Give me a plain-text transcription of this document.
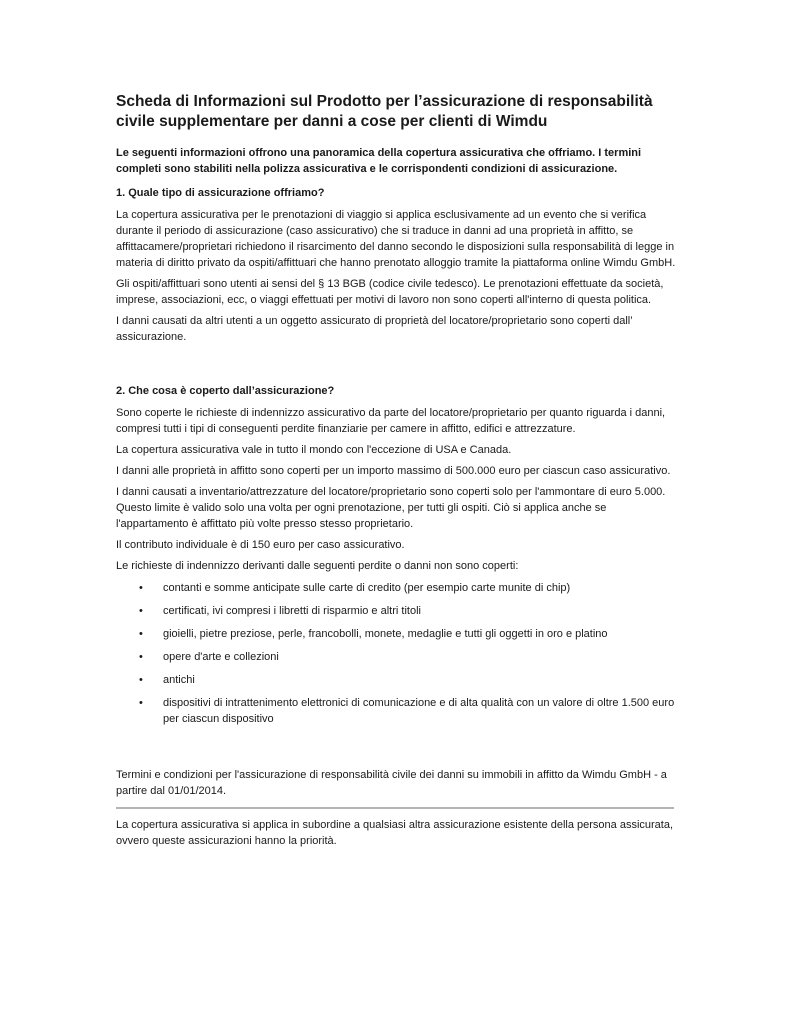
Scheda di Informazioni sul Prodotto per l’assicurazione di responsabilità civile supplementare per danni a cose per clienti di Wimdu

Le seguenti informazioni offrono una panoramica della copertura assicurativa che offriamo. I termini completi sono stabiliti nella polizza assicurativa e le corrispondenti condizioni di assicurazione.

1. Quale tipo di assicurazione offriamo?

La copertura assicurativa per le prenotazioni di viaggio si applica esclusivamente ad un evento che si verifica durante il periodo di assicurazione (caso assicurativo) che si traduce in danni ad una proprietà in affitto, se affittacamere/proprietari richiedono il risarcimento del danno secondo le disposizioni sulla responsabilità di legge in materia di diritto privato da ospiti/affittuari che hanno prenotato alloggio tramite la piattaforma online Wimdu GmbH.

Gli ospiti/affittuari sono utenti ai sensi del § 13 BGB (codice civile tedesco). Le prenotazioni effettuate da società, imprese, associazioni, ecc, o viaggi effettuati per motivi di lavoro non sono coperti all'interno di questa politica.

I danni causati da altri utenti a un oggetto assicurato di proprietà del locatore/proprietario sono coperti dall’ assicurazione.

2. Che cosa è coperto dall’assicurazione?

Sono coperte le richieste di indennizzo assicurativo da parte del locatore/proprietario per quanto riguarda i danni, compresi tutti i tipi di conseguenti perdite finanziarie per camere in affitto, edifici e attrezzature.

La copertura assicurativa vale in tutto il mondo con l'eccezione di USA e Canada.

I danni alle proprietà in affitto sono coperti per un importo massimo di 500.000 euro per ciascun caso assicurativo.

I danni causati a inventario/attrezzature del locatore/proprietario sono coperti solo per l'ammontare di euro 5.000. Questo limite è valido solo una volta per ogni prenotazione, per tutti gli ospiti. Ciò si applica anche se l'appartamento è affittato più volte presso stesso proprietario.

Il contributo individuale è di 150 euro per caso assicurativo.

Le richieste di indennizzo derivanti dalle seguenti perdite o danni non sono coperti:

• contanti e somme anticipate sulle carte di credito (per esempio carte munite di chip)
• certificati, ivi compresi i libretti di risparmio e altri titoli
• gioielli, pietre preziose, perle, francobolli, monete, medaglie e tutti gli oggetti in oro e platino
• opere d'arte e collezioni
• antichi
• dispositivi di intrattenimento elettronici di comunicazione e di alta qualità con un valore di oltre 1.500 euro per ciascun dispositivo

Termini e condizioni per l'assicurazione di responsabilità civile dei danni su immobili in affitto da Wimdu GmbH - a partire dal 01/01/2014.

La copertura assicurativa si applica in subordine a qualsiasi altra assicurazione esistente della persona assicurata, ovvero queste assicurazioni hanno la priorità.
